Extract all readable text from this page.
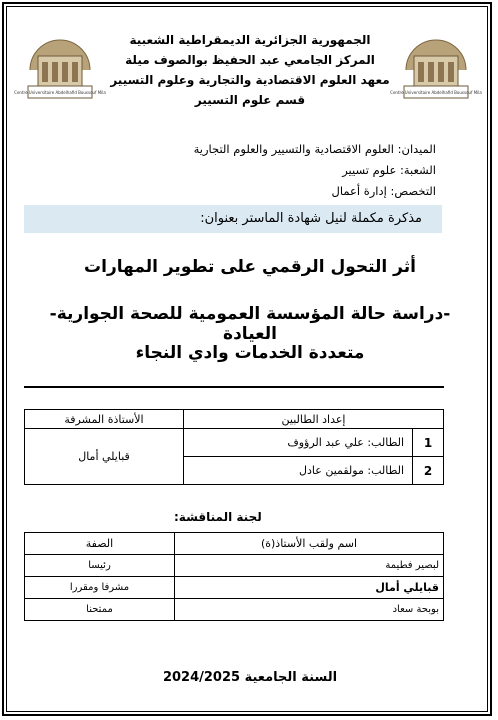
Centre Universitaire Abdelhafid Boussouf Mila	Centre Universitaire Abdelhafid Boussouf Mila
الجمهورية الجزائرية الديمقراطية الشعبية
المركز الجامعي عبد الحفيظ بوالصوف ميلة
معهد العلوم الاقتصادية والتجارية وعلوم التسيير
قسم علوم التسيير
الميدان: العلوم الاقتصادية والتسيير والعلوم التجارية
الشعبة: علوم تسيير
التخصص: إدارة أعمال
مذكرة مكملة لنيل شهادة الماستر بعنوان:
أثر التحول الرقمي على تطوير المهارات
-دراسة حالة المؤسسة العمومية للصحة الجوارية-العيادة
متعددة الخدمات وادي النجاء
إعداد الطالبين		الأستاذة المشرفة
1	الطالب: علي عبد الرؤوف	قبايلي أمال
2	الطالب: مولقمين عادل	
لجنة المناقشة:
اسم ولقب الأستاذ(ة)	الصفة
لبصير فطيمة	رئيسا
قبايلي أمال	مشرفا ومقررا
بوبحة سعاد	ممتحنا
السنة الجامعية 2024/2025
